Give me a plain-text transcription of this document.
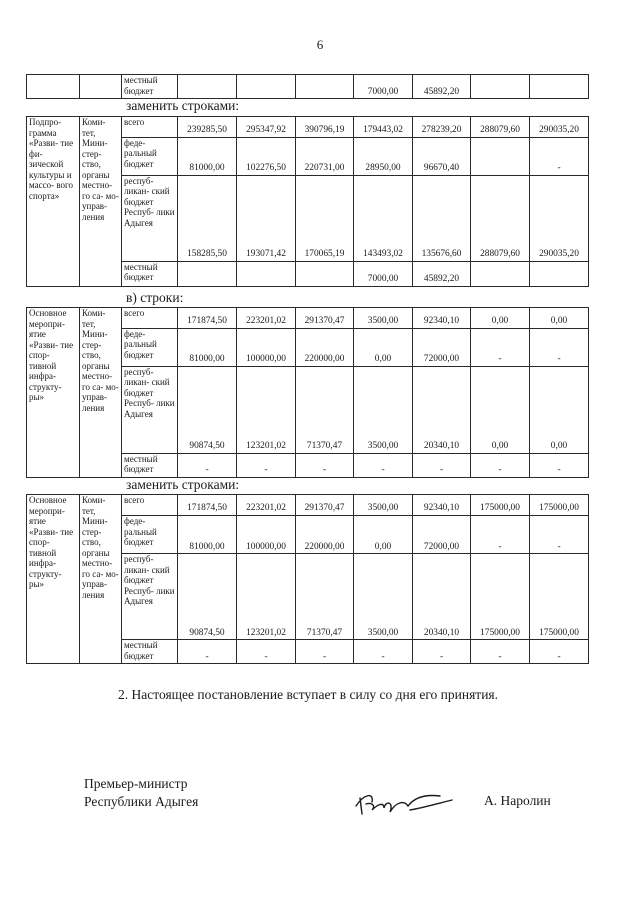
6
		местный бюджет				7000,00	45892,20		
заменить строками:
Подпро- грамма «Разви- тие фи- зической культуры и массо- вого спорта»	Коми- тет, Мини- стер- ство, органы местно- го са- мо- управ- ления	всего	239285,50	295347,92	390796,19	179443,02	278239,20	288079,60	290035,20
		феде- ральный бюджет	81000,00	102276,50	220731,00	28950,00	96670,40		-
		респуб- ликан- ский бюджет Респуб- лики Адыгея	158285,50	193071,42	170065,19	143493,02	135676,60	288079,60	290035,20
		местный бюджет				7000,00	45892,20		
в) строки:
Основное меропри- ятие «Разви- тие спор- тивной инфра- структу- ры»	Коми- тет, Мини- стер- ство, органы местно- го са- мо- управ- ления	всего	171874,50	223201,02	291370,47	3500,00	92340,10	0,00	0,00
		феде- ральный бюджет	81000,00	100000,00	220000,00	0,00	72000,00	-	-
		респуб- ликан- ский бюджет Респуб- лики Адыгея	90874,50	123201,02	71370,47	3500,00	20340,10	0,00	0,00
		местный бюджет	-	-	-	-	-	-	-
заменить строками:
Основное меропри- ятие «Разви- тие спор- тивной инфра- структу- ры»	Коми- тет, Мини- стер- ство, органы местно- го са- мо- управ- ления	всего	171874,50	223201,02	291370,47	3500,00	92340,10	175000,00	175000,00
		феде- ральный бюджет	81000,00	100000,00	220000,00	0,00	72000,00	-	-
		респуб- ликан- ский бюджет Респуб- лики Адыгея	90874,50	123201,02	71370,47	3500,00	20340,10	175000,00	175000,00
		местный бюджет	-	-	-	-	-	-	-
2. Настоящее постановление вступает в силу со дня его принятия.
Премьер-министр
Республики Адыгея	А. Наролин
